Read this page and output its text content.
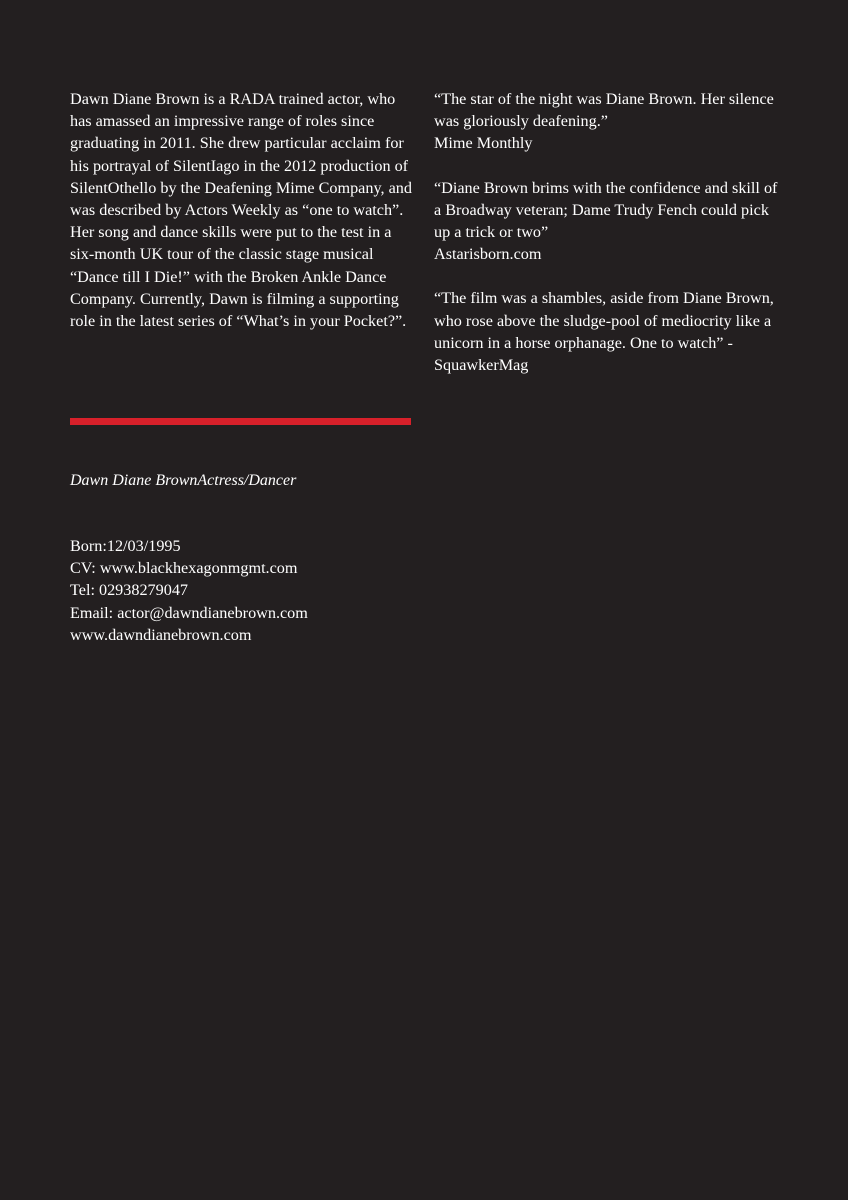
Dawn Diane Brown is a RADA trained actor, who has amassed an impressive range of roles since graduating in 2011. She drew particular acclaim for his portrayal of SilentIago in the 2012 production of SilentOthello by the Deafening Mime Company, and was described by Actors Weekly as “one to watch”. Her song and dance skills were put to the test in a six-month UK tour of the classic stage musical “Dance till I Die!” with the Broken Ankle Dance Company. Currently, Dawn is filming a supporting role in the latest series of “What’s in your Pocket?”.

“The star of the night was Diane Brown. Her silence was gloriously deafening.”

Mime Monthly

“Diane Brown brims with the confidence and skill of a Broadway veteran; Dame Trudy Fench could pick up a trick or two”

Astarisborn.com

“The film was a shambles, aside from Diane Brown, who rose above the sludge-pool of mediocrity like a unicorn in a horse orphanage. One to watch” - SquawkerMag

Dawn Diane BrownActress/Dancer

Born:12/03/1995
CV: www.blackhexagonmgmt.com
Tel: 02938279047
Email: actor@dawndianebrown.com
www.dawndianebrown.com
